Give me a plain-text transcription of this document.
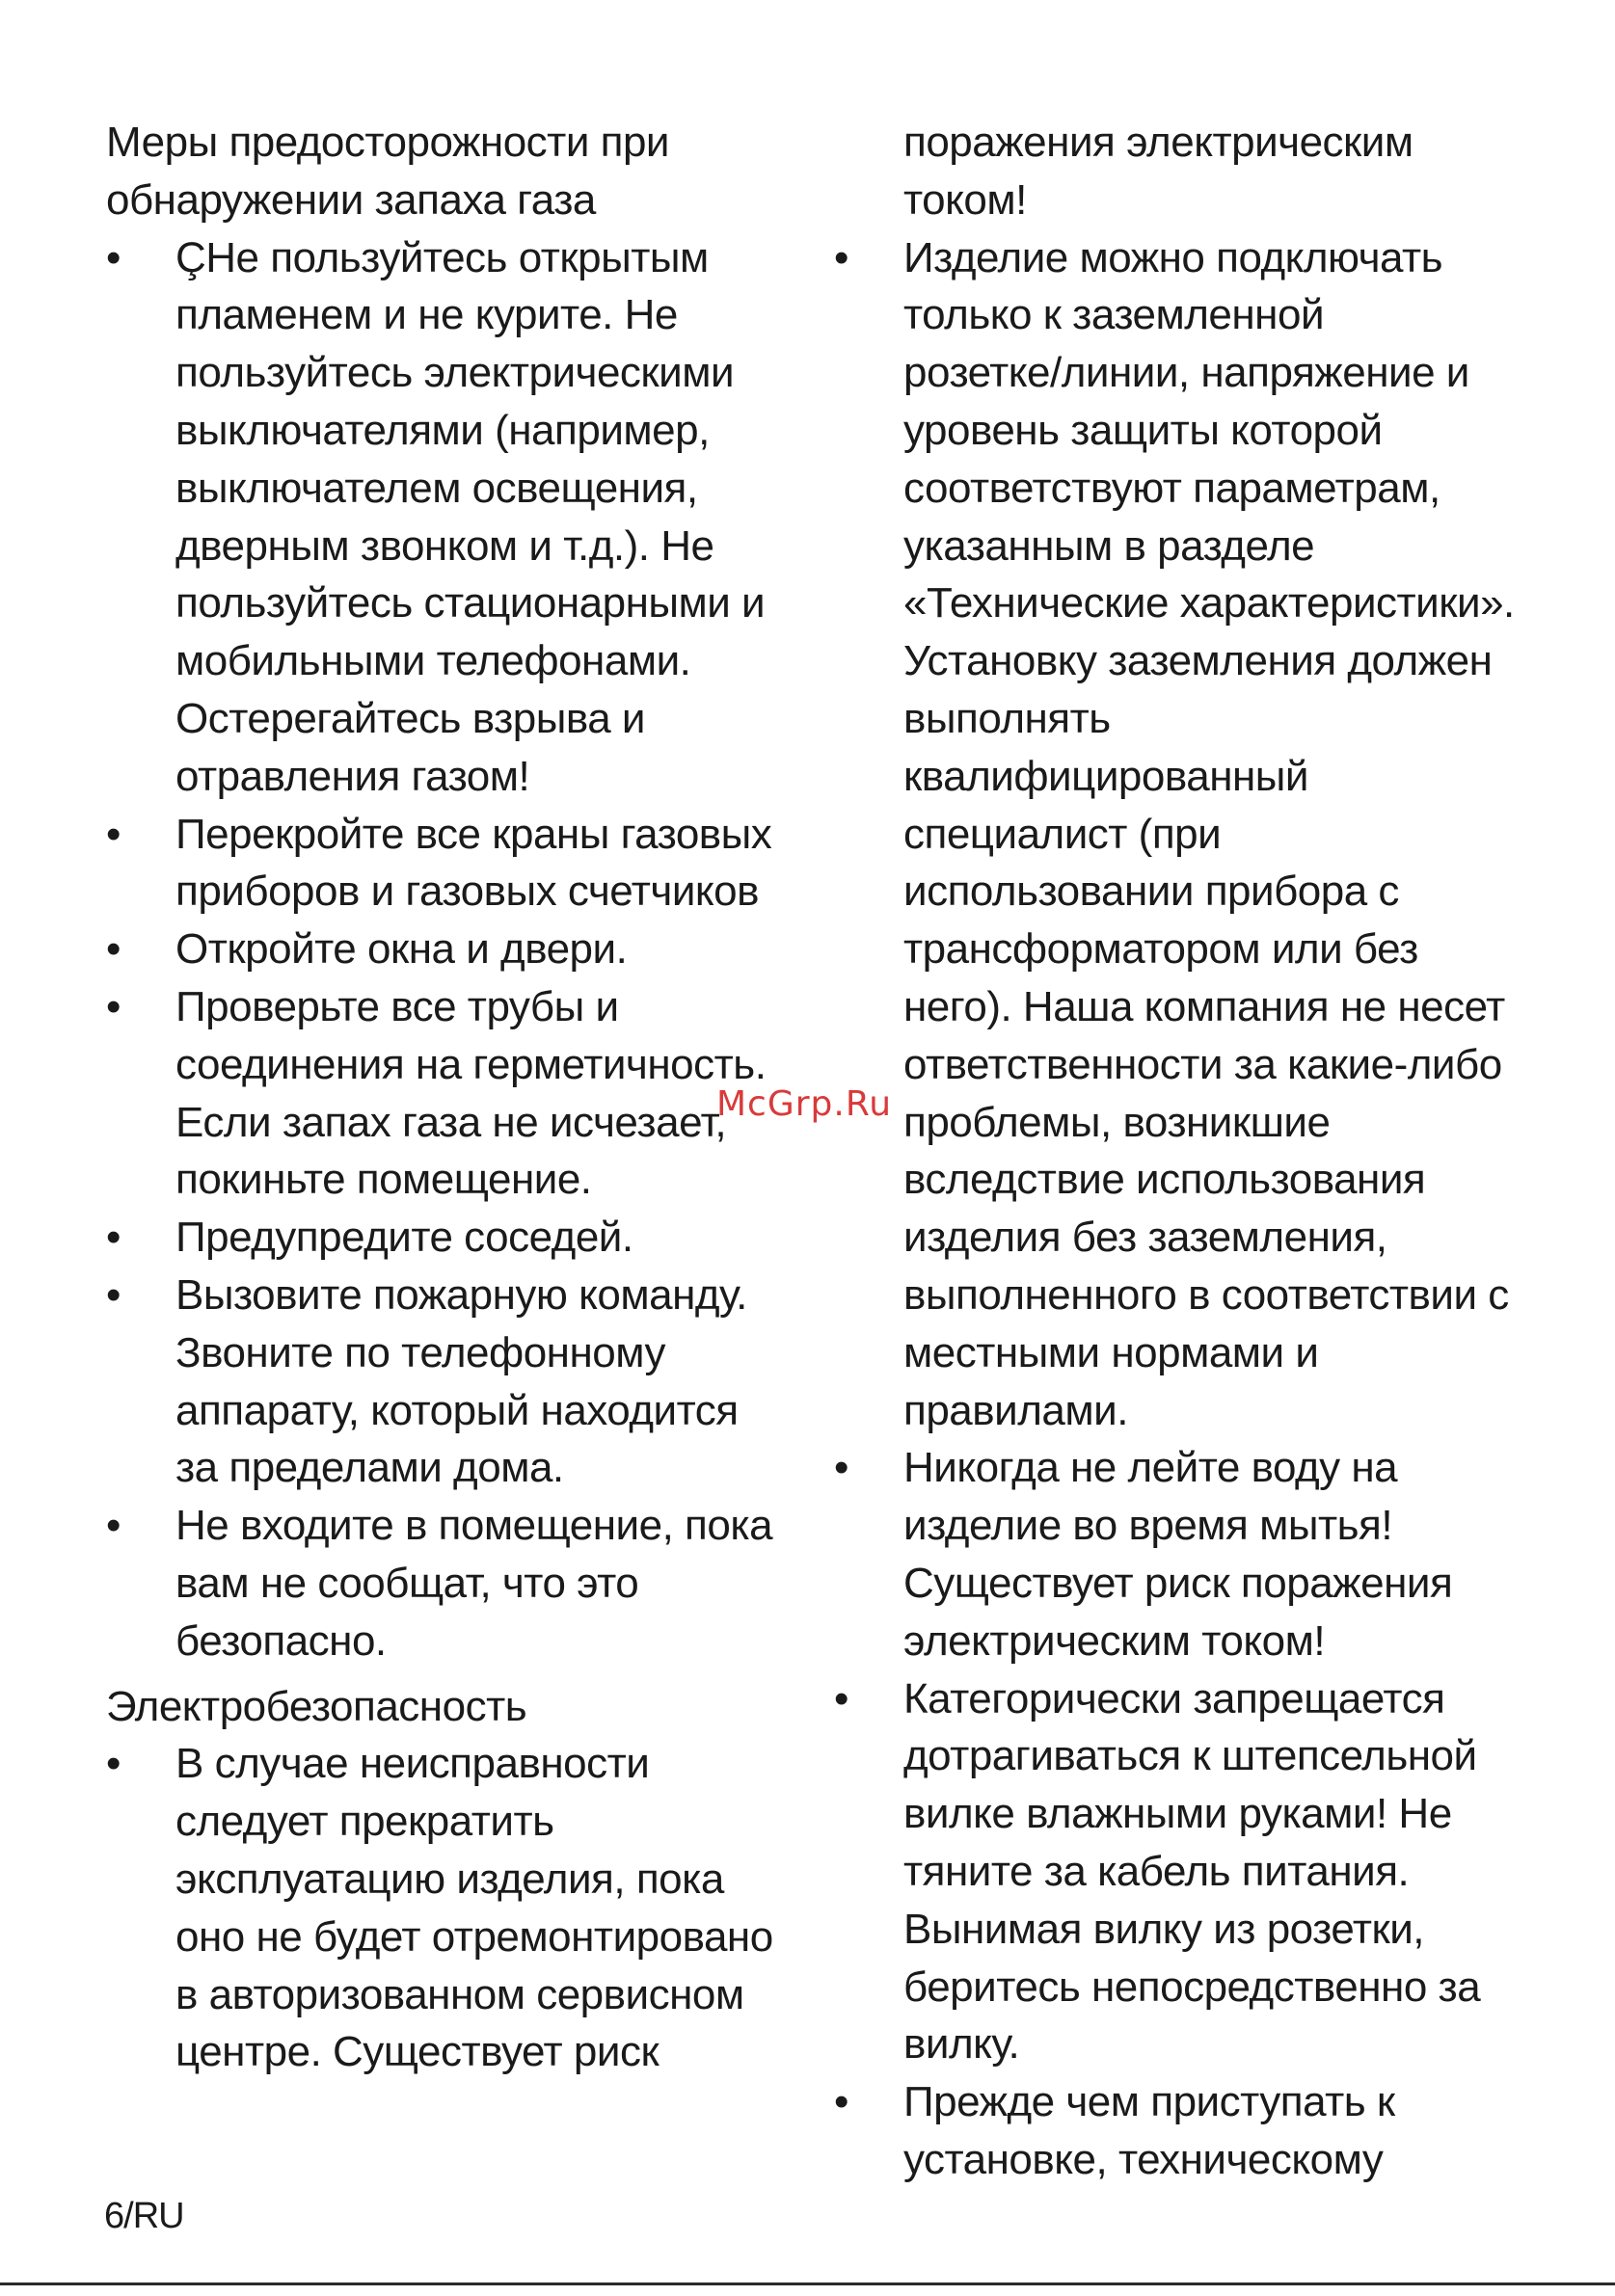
Меры предосторожности при
обнаружении запаха газа
•	ÇНе пользуйтесь открытым
пламенем и не курите. Не
пользуйтесь электрическими
выключателями (например,
выключателем освещения,
дверным звонком и т.д.). Не
пользуйтесь стационарными и
мобильными телефонами.
Остерегайтесь взрыва и
отравления газом!
•	Перекройте все краны газовых
приборов и газовых счетчиков
•	Откройте окна и двери.
•	Проверьте все трубы и
соединения на герметичность.
Если запах газа не исчезает,
покиньте помещение.
•	Предупредите соседей.
•	Вызовите пожарную команду.
Звоните по телефонному
аппарату, который находится
за пределами дома.
•	Не входите в помещение, пока
вам не сообщат, что это
безопасно.
Электробезопасность
•	В случае неисправности
следует прекратить
эксплуатацию изделия, пока
оно не будет отремонтировано
в авторизованном сервисном
центре. Существует риск
поражения электрическим
током!
•	Изделие можно подключать
только к заземленной
розетке/линии, напряжение и
уровень защиты которой
соответствуют параметрам,
указанным в разделе
«Технические характеристики».
Установку заземления должен
выполнять
квалифицированный
специалист (при
использовании прибора с
трансформатором или без
него). Наша компания не несет
ответственности за какие-либо
проблемы, возникшие
вследствие использования
изделия без заземления,
выполненного в соответствии с
местными нормами и
правилами.
•	Никогда не лейте воду на
изделие во время мытья!
Существует риск поражения
электрическим током!
•	Категорически запрещается
дотрагиваться к штепсельной
вилке влажными руками! Не
тяните за кабель питания.
Вынимая вилку из розетки,
беритесь непосредственно за
вилку.
•	Прежде чем приступать к
установке, техническому
McGrp.Ru
6/RU
